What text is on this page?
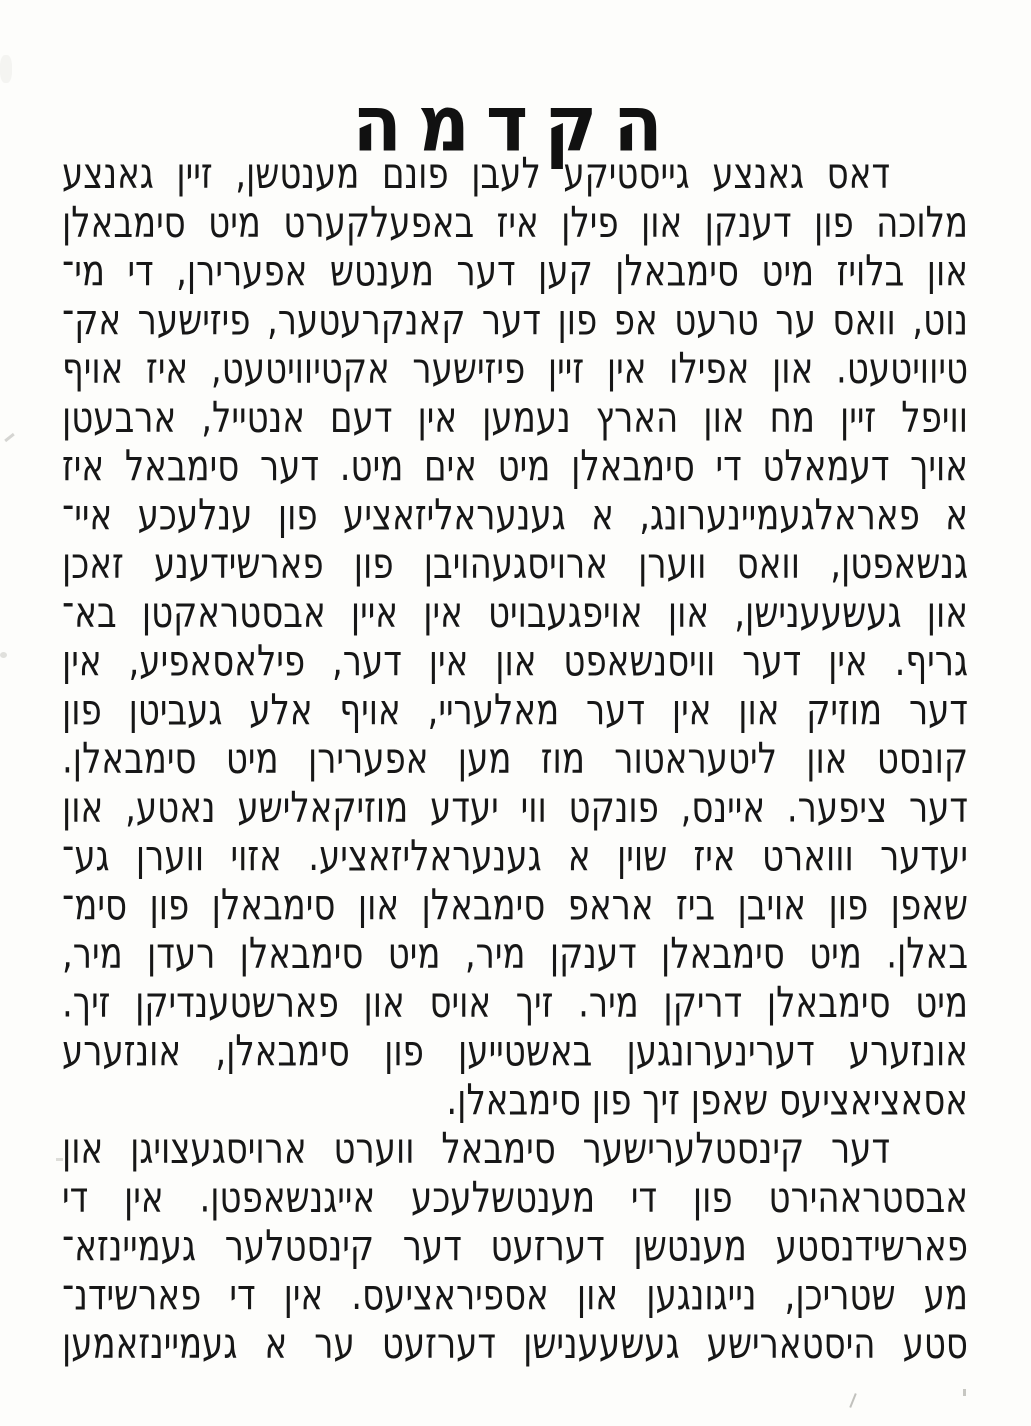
הקדמה
דאס גאנצע גייסטיקע לעבן פונם מענטשן, זיין גאנצע
מלוכה פון דענקן און פילן איז באפעלקערט מיט סימבאלן
און בלויז מיט סימבאלן קען דער מענטש אפערירן, די מי־
נוט, וואס ער טרעט אפ פון דער קאנקרעטער, פיזישער אק־
טיוויטעט. און אפילו אין זיין פיזישער אקטיוויטעט, איז אויף
וויפל זיין מח און הארץ נעמען אין דעם אנטייל, ארבעטן
אויך דעמאלט די סימבאלן מיט אים מיט. דער סימבאל איז
א פאראלגעמיינערונג, א גענעראליזאציע פון ענלעכע איי־
גנשאפטן, וואס ווערן ארויסגעהויבן פון פארשידענע זאכן
און געשעענישן, און אויפגעבויט אין איין אבסטראקטן בא־
גריף. אין דער וויסנשאפט און אין דער, פילאסאפיע, אין
דער מוזיק און אין דער מאלעריי, אויף אלע געביטן פון
קונסט און ליטעראטור מוז מען אפערירן מיט סימבאלן.
דער ציפער. איינס, פונקט ווי יעדע מוזיקאלישע נאטע, און
יעדער וווארט איז שוין א גענעראליזאציע. אזוי ווערן גע־
שאפן פון אויבן ביז אראפ סימבאלן און סימבאלן פון סימ־
באלן. מיט סימבאלן דענקן מיר, מיט סימבאלן רעדן מיר,
מיט סימבאלן דריקן מיר. זיך אויס און פארשטענדיקן זיך.
אונזערע דערינערונגען באשטייען פון סימבאלן, אונזערע
אסאציאציעס שאפן זיך פון סימבאלן.
דער קינסטלערישער סימבאל ווערט ארויסגעצויגן און
אבסטראהירט פון די מענטשלעכע אייגנשאפטן. אין די
פארשידנסטע מענטשן דערזעט דער קינסטלער געמיינזא־
מע שטריכן, נייגונגען און אספיראציעס. אין די פארשידנ־
סטע היסטארישע געשעענישן דערזעט ער א געמיינזאמען
